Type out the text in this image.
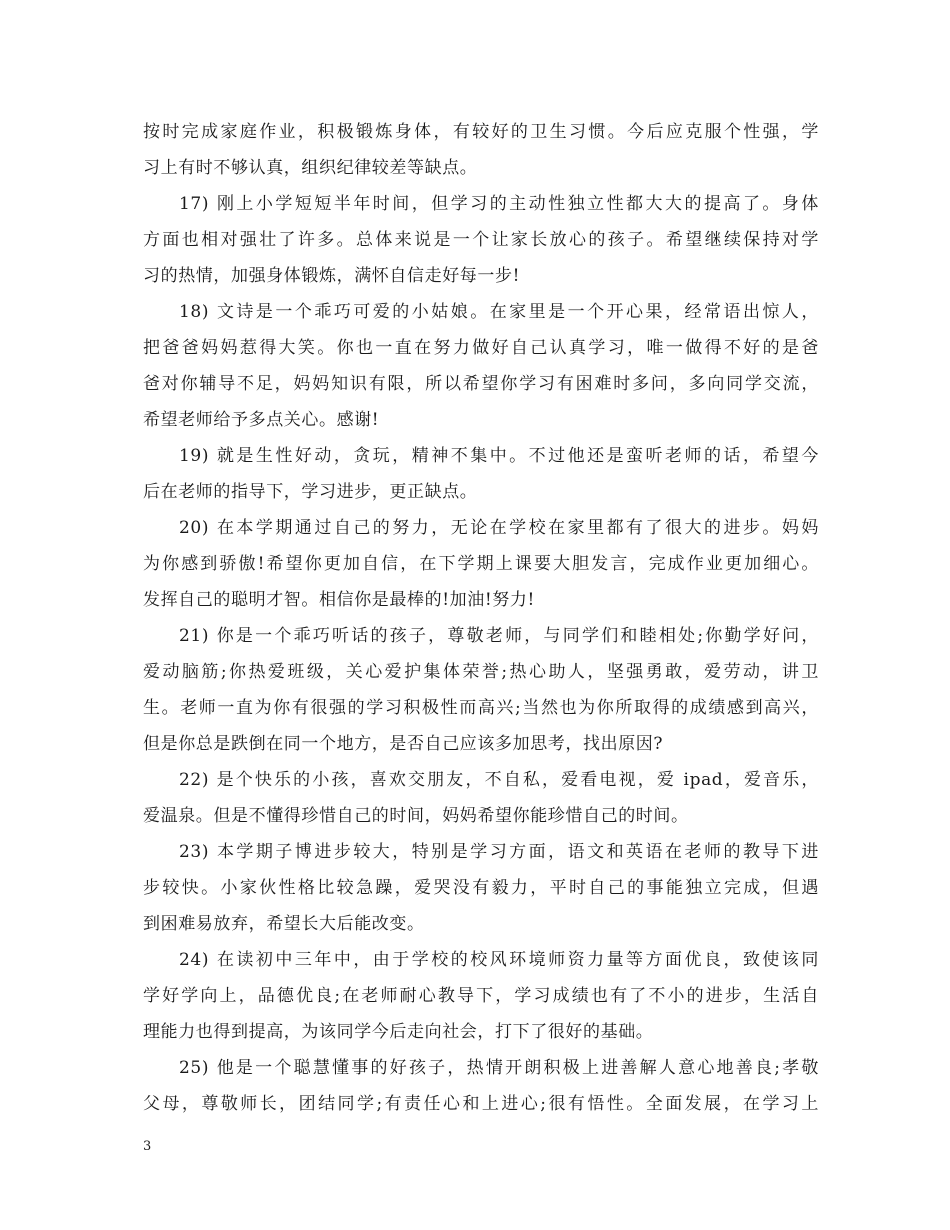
按时完成家庭作业，积极锻炼身体，有较好的卫生习惯。今后应克服个性强，学
习上有时不够认真，组织纪律较差等缺点。
17) 刚上小学短短半年时间，但学习的主动性独立性都大大的提高了。身体
方面也相对强壮了许多。总体来说是一个让家长放心的孩子。希望继续保持对学
习的热情，加强身体锻炼，满怀自信走好每一步!
18) 文诗是一个乖巧可爱的小姑娘。在家里是一个开心果，经常语出惊人，
把爸爸妈妈惹得大笑。你也一直在努力做好自己认真学习，唯一做得不好的是爸
爸对你辅导不足，妈妈知识有限，所以希望你学习有困难时多问，多向同学交流，
希望老师给予多点关心。感谢!
19) 就是生性好动，贪玩，精神不集中。不过他还是蛮听老师的话，希望今
后在老师的指导下，学习进步，更正缺点。
20) 在本学期通过自己的努力，无论在学校在家里都有了很大的进步。妈妈
为你感到骄傲!希望你更加自信，在下学期上课要大胆发言，完成作业更加细心。
发挥自己的聪明才智。相信你是最棒的!加油!努力!
21) 你是一个乖巧听话的孩子，尊敬老师，与同学们和睦相处;你勤学好问，
爱动脑筋;你热爱班级，关心爱护集体荣誉;热心助人，坚强勇敢，爱劳动，讲卫
生。老师一直为你有很强的学习积极性而高兴;当然也为你所取得的成绩感到高兴，
但是你总是跌倒在同一个地方，是否自己应该多加思考，找出原因?
22) 是个快乐的小孩，喜欢交朋友，不自私，爱看电视，爱 ipad，爱音乐，
爱温泉。但是不懂得珍惜自己的时间，妈妈希望你能珍惜自己的时间。
23) 本学期子博进步较大，特别是学习方面，语文和英语在老师的教导下进
步较快。小家伙性格比较急躁，爱哭没有毅力，平时自己的事能独立完成，但遇
到困难易放弃，希望长大后能改变。
24) 在读初中三年中，由于学校的校风环境师资力量等方面优良，致使该同
学好学向上，品德优良;在老师耐心教导下，学习成绩也有了不小的进步，生活自
理能力也得到提高，为该同学今后走向社会，打下了很好的基础。
25) 他是一个聪慧懂事的好孩子，热情开朗积极上进善解人意心地善良;孝敬
父母，尊敬师长，团结同学;有责任心和上进心;很有悟性。全面发展，在学习上
3
